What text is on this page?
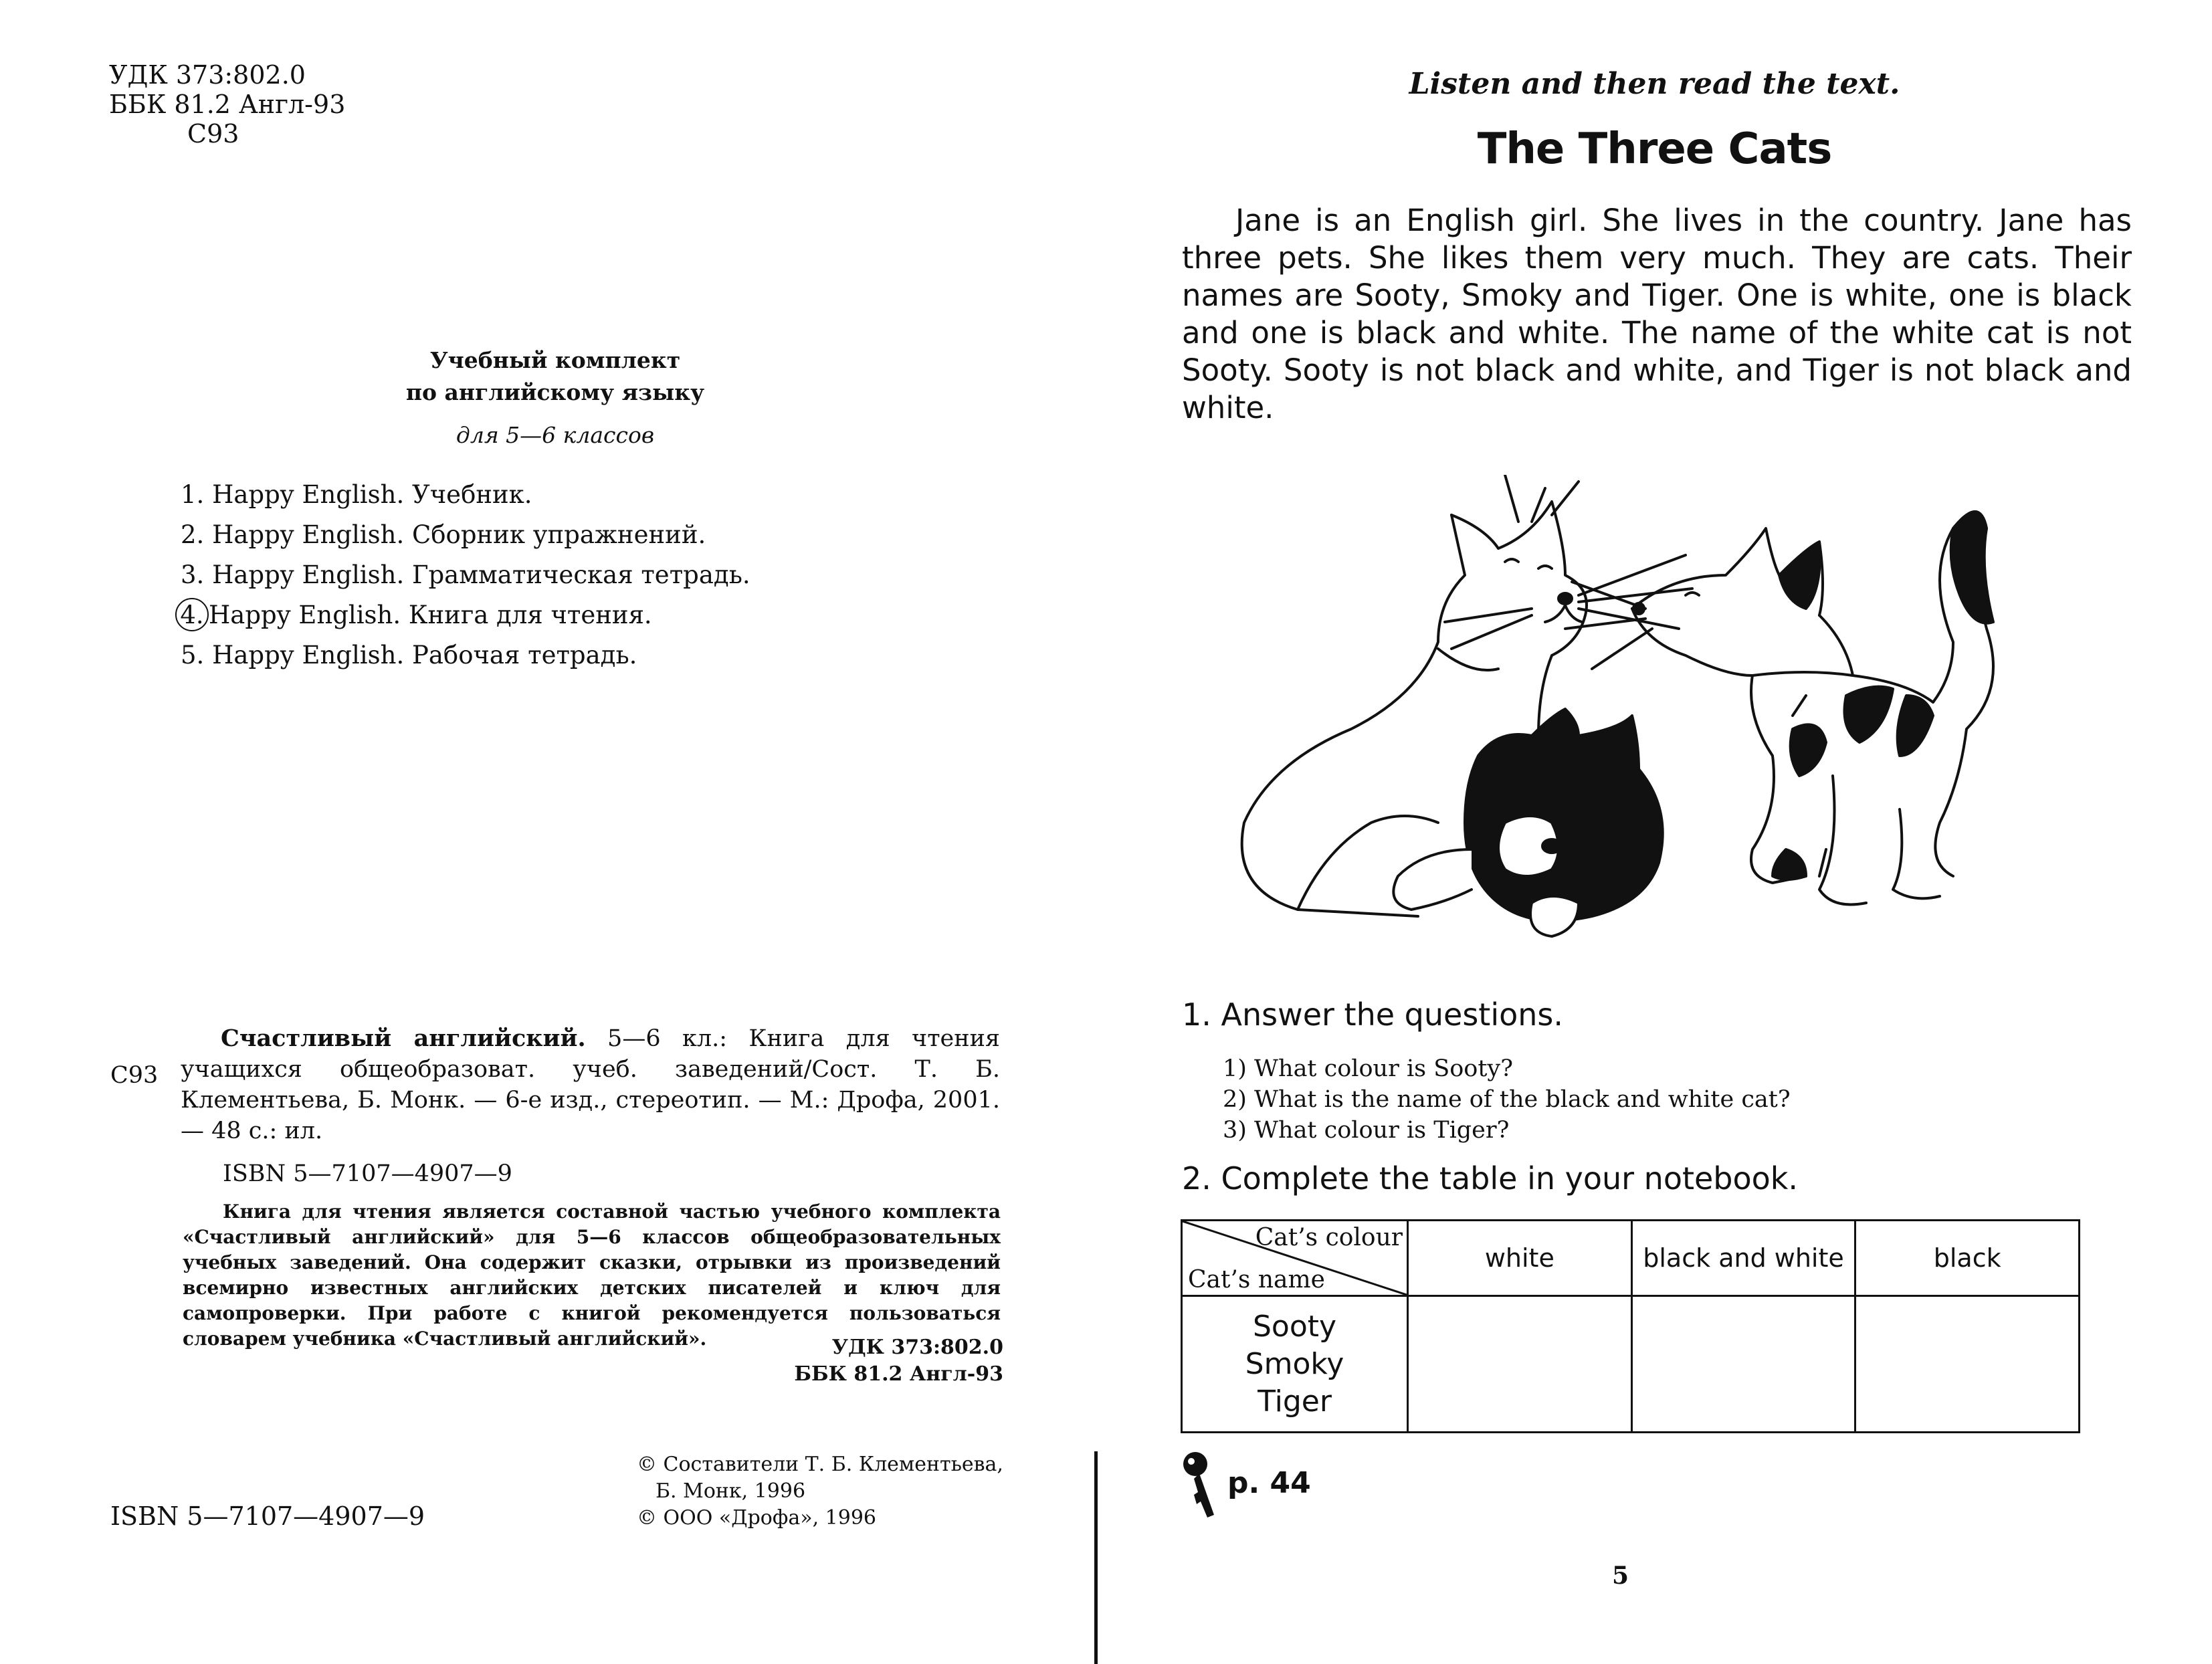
УДК 373:802.0
ББК 81.2 Англ-93
С93
Учебный комплект
по английскому языку
для 5—6 классов
1. Happy English. Учебник.
2. Happy English. Сборник упражнений.
3. Happy English. Грамматическая тетрадь.
4. Happy English. Книга для чтения.
5. Happy English. Рабочая тетрадь.
С93
Счастливый английский. 5—6 кл.: Книга для чтения учащихся общеобразоват. учеб. заведений/Сост. Т. Б. Клементьева, Б. Монк. — 6-е изд., стереотип. — М.: Дрофа, 2001. — 48 с.: ил.
ISBN 5—7107—4907—9
Книга для чтения является составной частью учебного комплекта «Счастливый английский» для 5—6 классов общеобразовательных учебных заведений. Она содержит сказки, отрывки из произведений всемирно известных английских детских писателей и ключ для самопроверки. При работе с книгой рекомендуется пользоваться словарем учебника «Счастливый английский».	УДК 373:802.0
ББК 81.2 Англ-93
© Составители Т. Б. Клементьева,
Б. Монк, 1996
© ООО «Дрофа», 1996
ISBN 5—7107—4907—9
Listen and then read the text.
The Three Cats
Jane is an English girl. She lives in the country. Jane has three pets. She likes them very much. They are cats. Their names are Sooty, Smoky and Tiger. One is white, one is black and one is black and white. The name of the white cat is not Sooty. Sooty is not black and white, and Tiger is not black and white.
1. Answer the questions.
1) What colour is Sooty?
2) What is the name of the black and white cat?
3) What colour is Tiger?
2. Complete the table in your notebook.
Cat’s colour
Cat’s name	white	black and white	black

Sooty
Smoky
Tiger			

p. 44
5
